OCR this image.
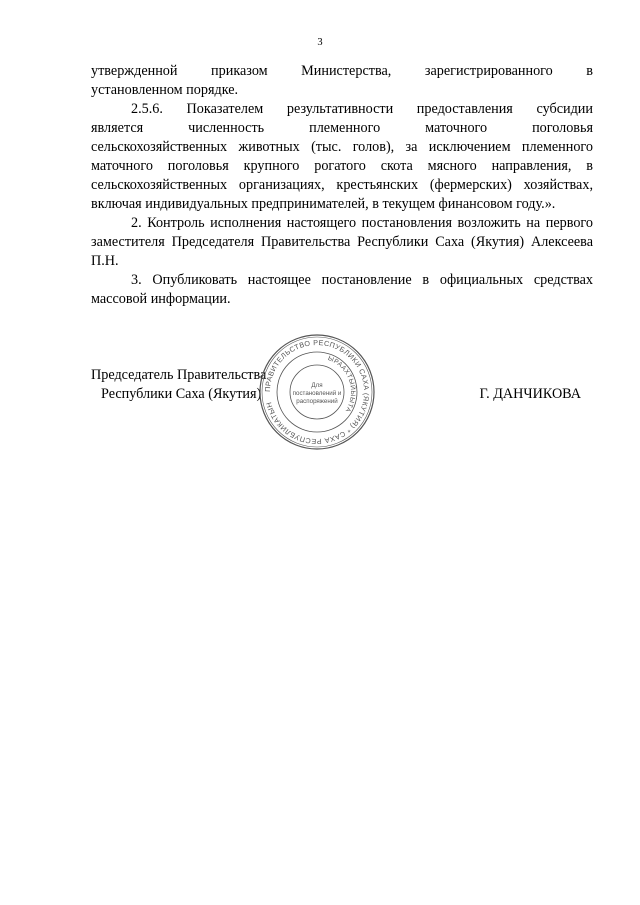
3

утвержденной приказом Министерства, зарегистрированного в
установленном порядке.

2.5.6. Показателем результативности предоставления субсидии
является численность племенного маточного поголовья
сельскохозяйственных животных (тыс. голов), за исключением племенного маточного поголовья крупного рогатого скота мясного направления, в сельскохозяйственных организациях, крестьянских (фермерских) хозяйствах, включая индивидуальных предпринимателей, в текущем финансовом году.».

2. Контроль исполнения настоящего постановления возложить на первого заместителя Председателя Правительства Республики Саха (Якутия) Алексеева П.Н.

3. Опубликовать настоящее постановление в официальных средствах массовой информации.

Председатель Правительства
Республики Саха (Якутия)	Г. ДАНЧИКОВА
ПРАВИТЕЛЬСТВО РЕСПУБЛИКИ САХА (ЯКУТИЯ) * САХА РЕСПУБЛИКАТЫН
ЫРААХТЫЙЫЫТА
Для
постановлений и
распоряжений
